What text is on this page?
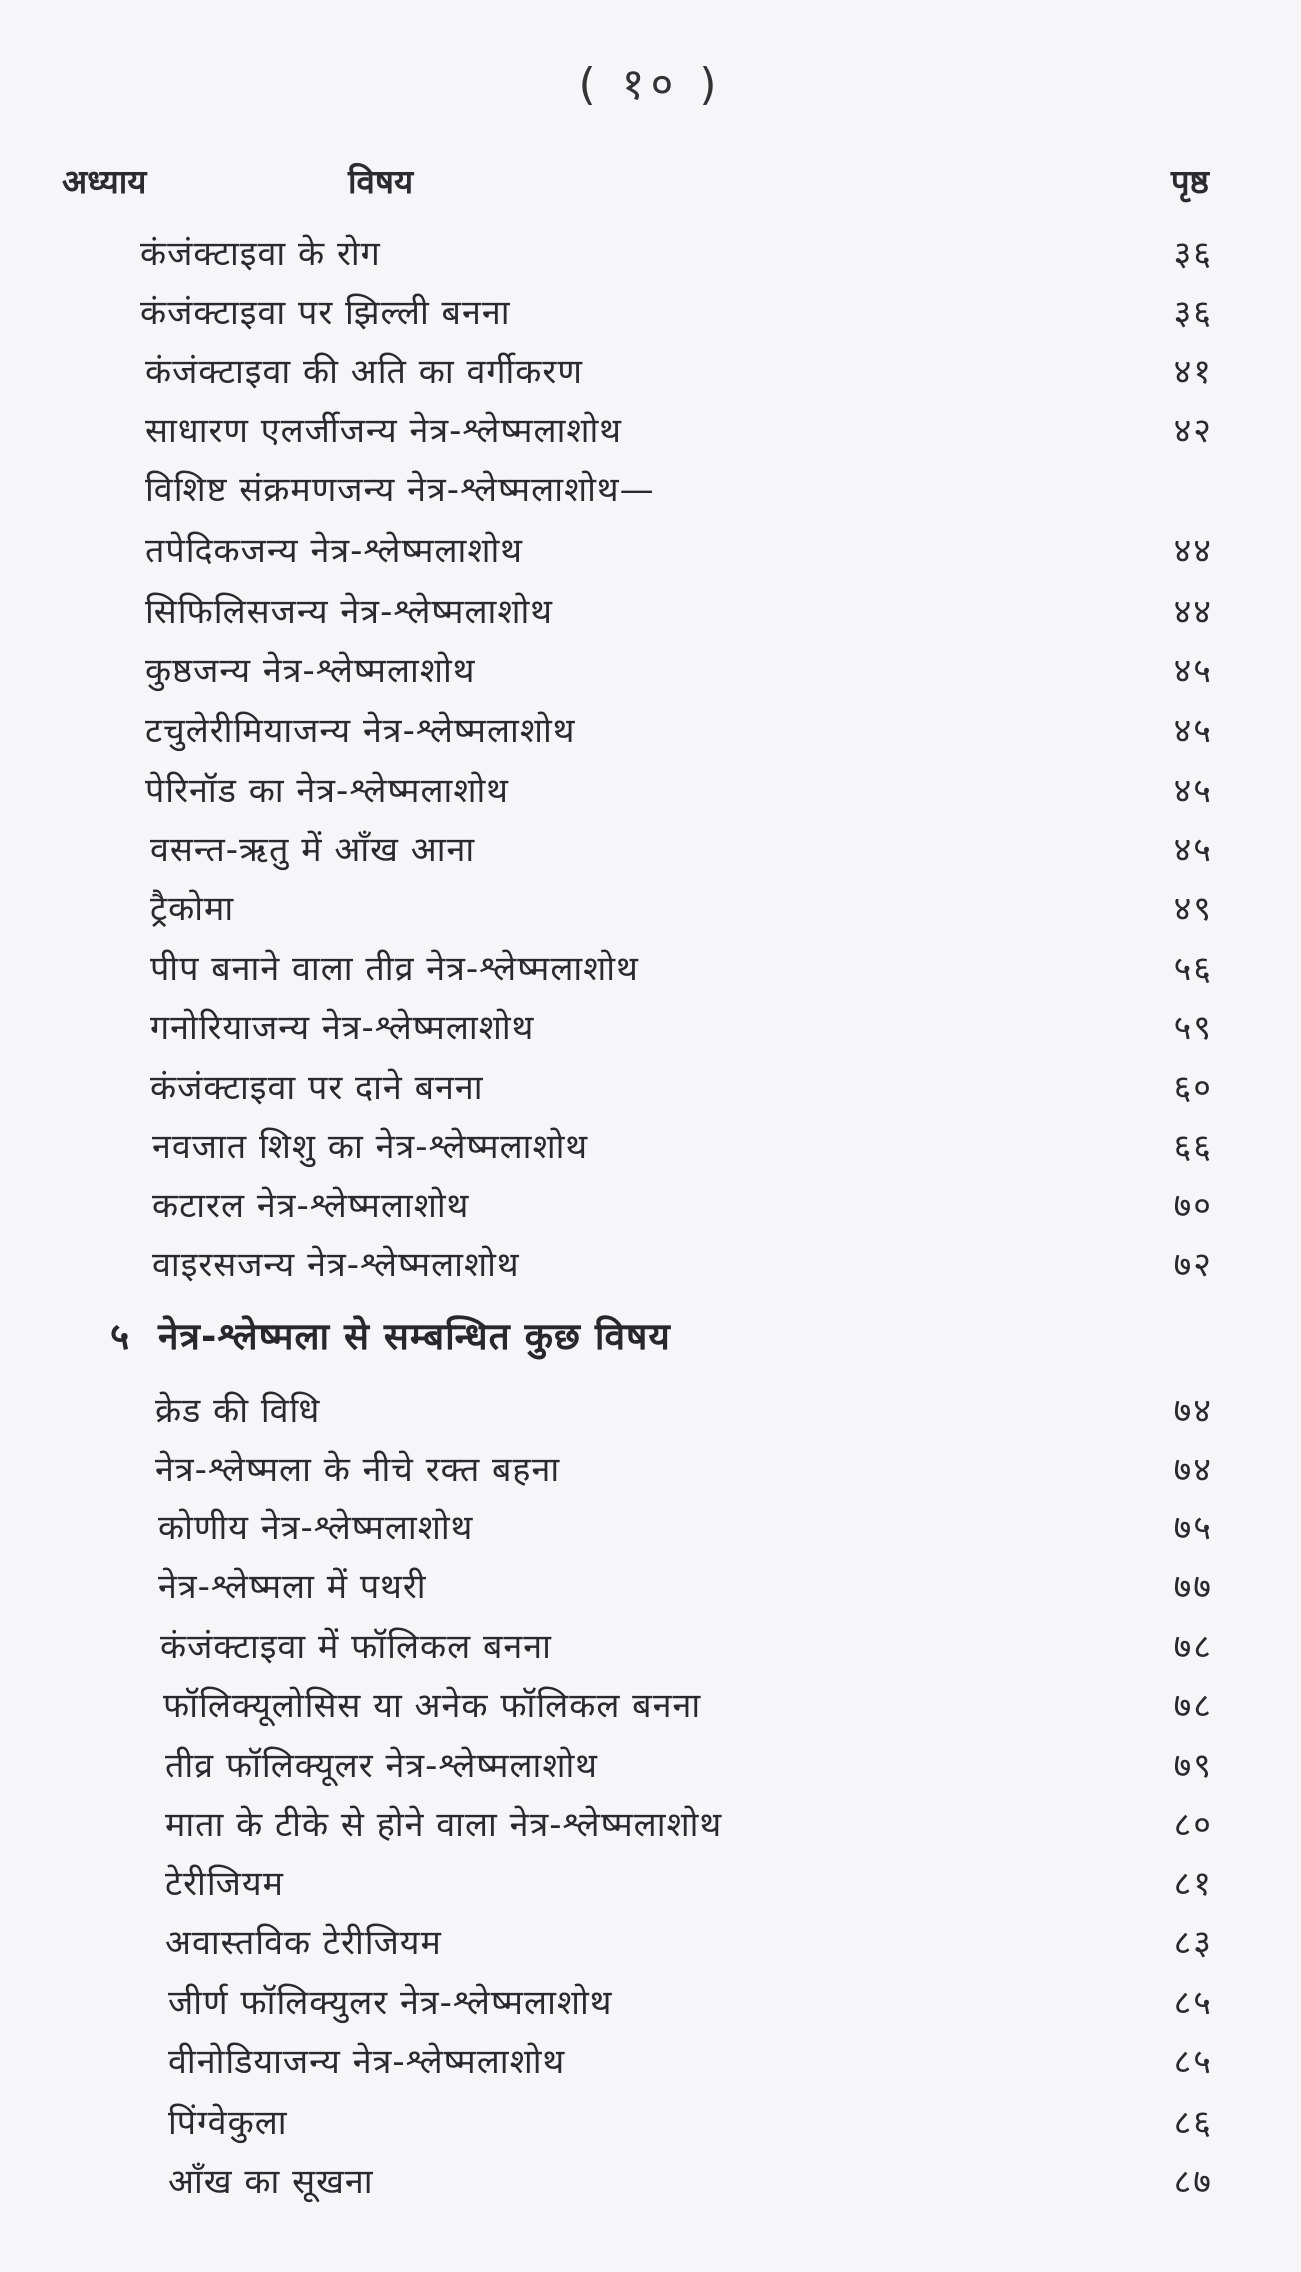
( १० )
अध्याय	विषय	पृष्ठ
कंजंक्टाइवा के रोग	३६
कंजंक्टाइवा पर झिल्ली बनना	३६
कंजंक्टाइवा की अति का वर्गीकरण	४१
साधारण एलर्जीजन्य नेत्र-श्लेष्मलाशोथ	४२
विशिष्ट संक्रमणजन्य नेत्र-श्लेष्मलाशोथ—
तपेदिकजन्य नेत्र-श्लेष्मलाशोथ	४४
सिफिलिसजन्य नेत्र-श्लेष्मलाशोथ	४४
कुष्ठजन्य नेत्र-श्लेष्मलाशोथ	४५
टचुलेरीमियाजन्य नेत्र-श्लेष्मलाशोथ	४५
पेरिनॉड का नेत्र-श्लेष्मलाशोथ	४५
वसन्त-ऋतु में आँख आना	४५
ट्रैकोमा	४९
पीप बनाने वाला तीव्र नेत्र-श्लेष्मलाशोथ	५६
गनोरियाजन्य नेत्र-श्लेष्मलाशोथ	५९
कंजंक्टाइवा पर दाने बनना	६०
नवजात शिशु का नेत्र-श्लेष्मलाशोथ	६६
कटारल नेत्र-श्लेष्मलाशोथ	७०
वाइरसजन्य नेत्र-श्लेष्मलाशोथ	७२
५ नेत्र-श्लेष्मला से सम्बन्धित कुछ विषय
क्रेड की विधि	७४
नेत्र-श्लेष्मला के नीचे रक्त बहना	७४
कोणीय नेत्र-श्लेष्मलाशोथ	७५
नेत्र-श्लेष्मला में पथरी	७७
कंजंक्टाइवा में फॉलिकल बनना	७८
फॉलिक्यूलोसिस या अनेक फॉलिकल बनना	७८
तीव्र फॉलिक्यूलर नेत्र-श्लेष्मलाशोथ	७९
माता के टीके से होने वाला नेत्र-श्लेष्मलाशोथ	८०
टेरीजियम	८१
अवास्तविक टेरीजियम	८३
जीर्ण फॉलिक्युलर नेत्र-श्लेष्मलाशोथ	८५
वीनोडियाजन्य नेत्र-श्लेष्मलाशोथ	८५
पिंग्वेकुला	८६
आँख का सूखना	८७
